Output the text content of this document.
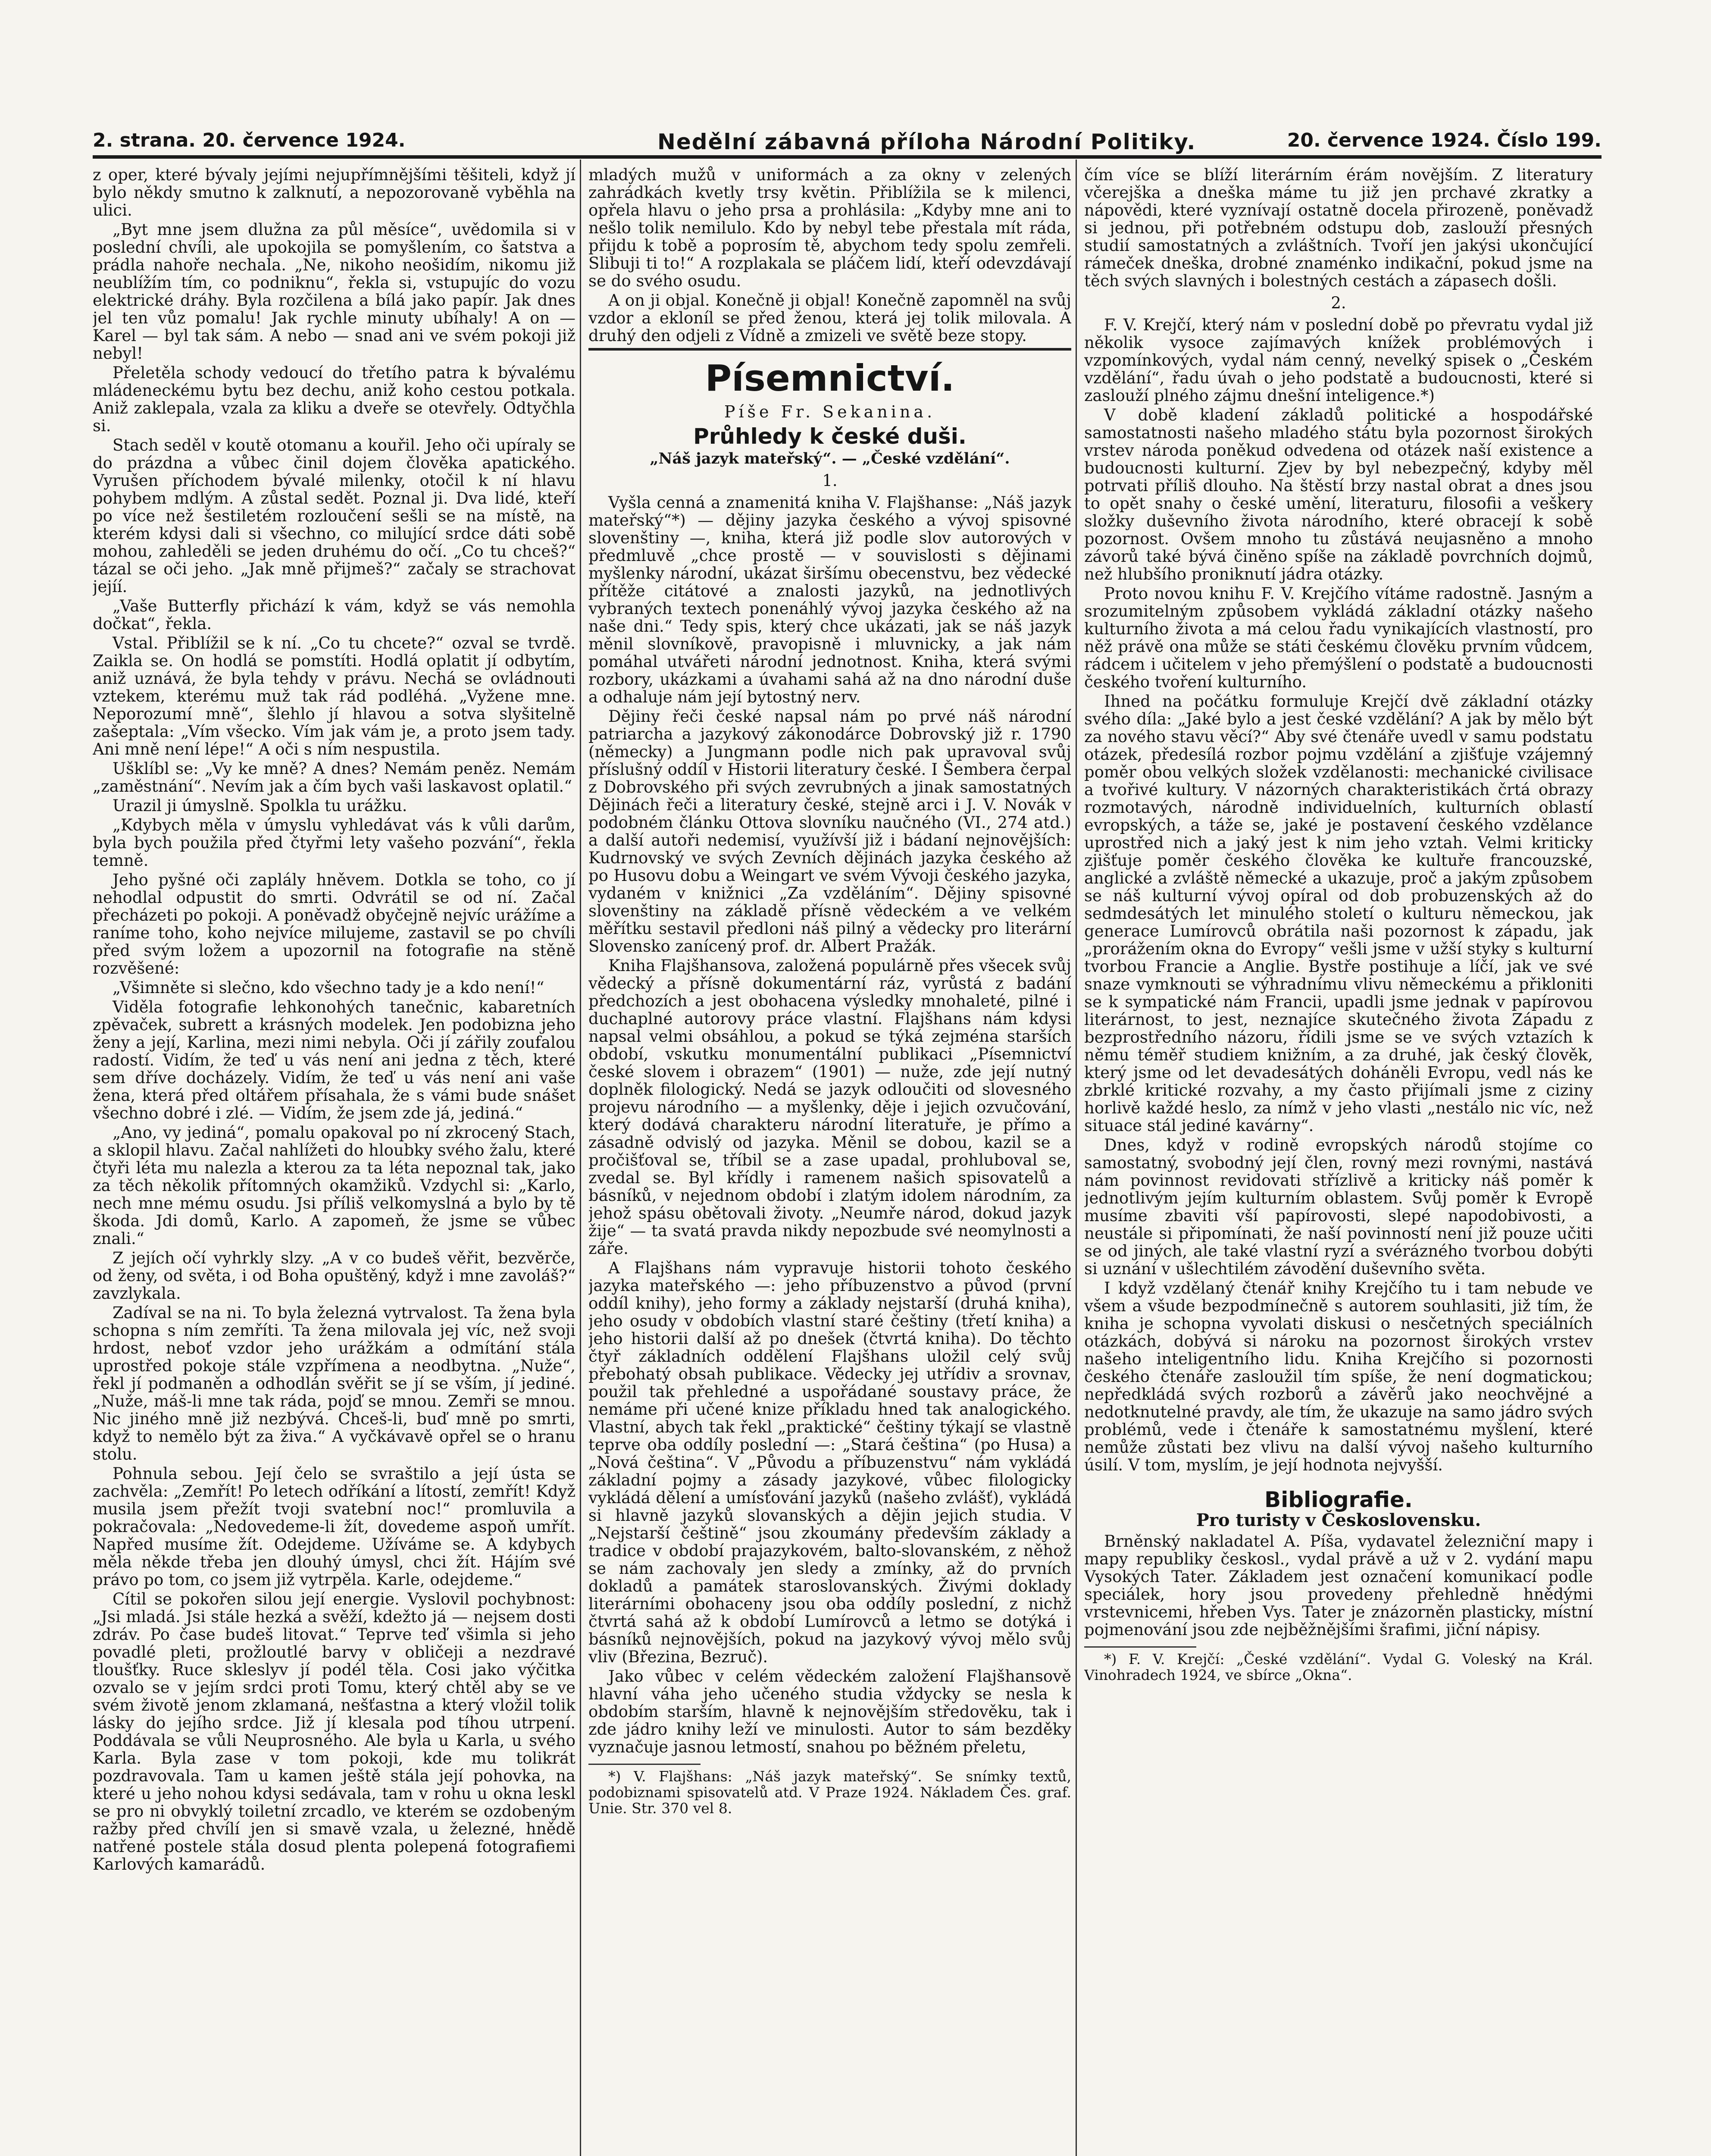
2. strana. 20. července 1924.	Nedělní zábavná příloha Národní Politiky.	20. července 1924. Číslo 199.

z oper, které bývaly jejími nejupřímnějšími těšiteli, když jí bylo někdy smutno k zalknutí, a nepozorovaně vyběhla na ulici.

„Byt mne jsem dlužna za půl měsíce“, uvědomila si v poslední chvíli, ale upokojila se pomyšlením, co šatstva a prádla nahoře nechala. „Ne, nikoho neošidím, nikomu již neublížím tím, co podniknu“, řekla si, vstupujíc do vozu elektrické dráhy. Byla rozčilena a bílá jako papír. Jak dnes jel ten vůz pomalu! Jak rychle minuty ubíhaly! A on — Karel — byl tak sám. A nebo — snad ani ve svém pokoji již nebyl!

Přeletěla schody vedoucí do třetího patra k bývalému mládeneckému bytu bez dechu, aniž koho cestou potkala. Aniž zaklepala, vzala za kliku a dveře se otevřely. Odtyčhla si.

Stach seděl v koutě otomanu a kouřil. Jeho oči upíraly se do prázdna a vůbec činil dojem člověka apatického. Vyrušen příchodem bývalé milenky, otočil k ní hlavu pohybem mdlým. A zůstal sedět. Poznal ji. Dva lidé, kteří po více než šestiletém rozloučení sešli se na místě, na kterém kdysi dali si všechno, co milující srdce dáti sobě mohou, zahleděli se jeden druhému do očí. „Co tu chceš?“ tázal se oči jeho. „Jak mně přijmeš?“ začaly se strachovat jejíí.

„Vaše Butterfly přichází k vám, když se vás nemohla dočkat“, řekla.

Vstal. Přiblížil se k ní. „Co tu chcete?“ ozval se tvrdě. Zaikla se. On hodlá se pomstíti. Hodlá oplatit jí odbytím, aniž uznává, že byla tehdy v právu. Nechá se ovládnouti vztekem, kterému muž tak rád podléhá. „Vyžene mne. Neporozumí mně“, šlehlo jí hlavou a sotva slyšitelně zašeptala: „Vím všecko. Vím jak vám je, a proto jsem tady. Ani mně není lépe!“ A oči s ním nespustila.

Ušklíbl se: „Vy ke mně? A dnes? Nemám peněz. Nemám „zaměstnání“. Nevím jak a čím bych vaši laskavost oplatil.“

Urazil ji úmyslně. Spolkla tu urážku.

„Kdybych měla v úmyslu vyhledávat vás k vůli darům, byla bych použila před čtyřmi lety vašeho pozvání“, řekla temně.

Jeho pyšné oči zaplály hněvem. Dotkla se toho, co jí nehodlal odpustit do smrti. Odvrátil se od ní. Začal přecházeti po pokoji. A poněvadž obyčejně nejvíc urážíme a raníme toho, koho nejvíce milujeme, zastavil se po chvíli před svým ložem a upozornil na fotografie na stěně rozvěšené:

„Všimněte si slečno, kdo všechno tady je a kdo není!“

Viděla fotografie lehkonohých tanečnic, kabaretních zpěvaček, subrett a krásných modelek. Jen podobizna jeho ženy a její, Karlina, mezi nimi nebyla. Oči jí zářily zoufalou radostí. Vidím, že teď u vás není ani jedna z těch, které sem dříve docházely. Vidím, že teď u vás není ani vaše žena, která před oltářem přísahala, že s vámi bude snášet všechno dobré i zlé. — Vidím, že jsem zde já, jediná.“

„Ano, vy jediná“, pomalu opakoval po ní zkrocený Stach, a sklopil hlavu. Začal nahlížeti do hloubky svého žalu, které čtyři léta mu nalezla a kterou za ta léta nepoznal tak, jako za těch několik přítomných okamžiků. Vzdychl si: „Karlo, nech mne mému osudu. Jsi příliš velkomyslná a bylo by tě škoda. Jdi domů, Karlo. A zapomeň, že jsme se vůbec znali.“

Z jejích očí vyhrkly slzy. „A v co budeš věřit, bezvěrče, od ženy, od světa, i od Boha opuštěný, když i mne zavoláš?“ zavzlykala.

Zadíval se na ni. To byla železná vytrvalost. Ta žena byla schopna s ním zemříti. Ta žena milovala jej víc, než svoji hrdost, neboť vzdor jeho urážkám a odmítání stála uprostřed pokoje stále vzpřímena a neodbytna. „Nuže“, řekl jí podmaněn a odhodlán svěřit se jí se vším, jí jediné. „Nuže, máš-li mne tak ráda, pojď se mnou. Zemři se mnou. Nic jiného mně již nezbývá. Chceš-li, buď mně po smrti, když to nemělo být za živa.“ A vyčkávavě opřel se o hranu stolu.

Pohnula sebou. Její čelo se svraštilo a její ústa se zachvěla: „Zemřít! Po letech odříkání a lítostí, zemřít! Když musila jsem přežít tvoji svatební noc!“ promluvila a pokračovala: „Nedovedeme-li žít, dovedeme aspoň umřít. Napřed musíme žít. Odejdeme. Užíváme se. A kdybych měla někde třeba jen dlouhý úmysl, chci žít. Hájím své právo po tom, co jsem již vytrpěla. Karle, odejdeme.“

Cítil se pokořen silou její energie. Vyslovil pochybnost: „Jsi mladá. Jsi stále hezká a svěží, kdežto já — nejsem dosti zdráv. Po čase budeš litovat.“ Teprve teď všimla si jeho povadlé pleti, prožloutlé barvy v obličeji a nezdravé tloušťky. Ruce skleslyv jí podél těla. Cosi jako výčitka ozvalo se v jejím srdci proti Tomu, který chtěl aby se ve svém životě jenom zklamaná, nešťastna a který vložil tolik lásky do jejího srdce. Již jí klesala pod tíhou utrpení. Poddávala se vůli Neuprosného. Ale byla u Karla, u svého Karla. Byla zase v tom pokoji, kde mu tolikrát pozdravovala. Tam u kamen ještě stála její pohovka, na které u jeho nohou kdysi sedávala, tam v rohu u okna leskl se pro ni obvyklý toiletní zrcadlo, ve kterém se ozdobeným ražby před chvílí jen si smavě vzala, u železné, hnědě natřené postele stála dosud plenta polepená fotografiemi Karlových kamarádů.

mladých mužů v uniformách a za okny v zelených zahrádkách kvetly trsy květin. Přiblížila se k milenci, opřela hlavu o jeho prsa a prohlásila: „Kdyby mne ani to nešlo tolik nemilulo. Kdo by nebyl tebe přestala mít ráda, přijdu k tobě a poprosím tě, abychom tedy spolu zemřeli. Slibuji ti to!“ A rozplakala se pláčem lidí, kteří odevzdávají se do svého osudu.

A on ji objal. Konečně ji objal! Konečně zapomněl na svůj vzdor a ekloníl se před ženou, která jej tolik milovala. A druhý den odjeli z Vídně a zmizeli ve světě beze stopy.

Písemnictví.
Píše Fr. Sekanina.
Průhledy k české duši.
„Náš jazyk mateřský“. — „České vzdělání“.
1.

Vyšla cenná a znamenitá kniha V. Flajšhanse: „Náš jazyk mateřský“*) — dějiny jazyka českého a vývoj spisovné slovenštiny —, kniha, která již podle slov autorových v předmluvě „chce prostě — v souvislosti s dějinami myšlenky národní, ukázat širšímu obecenstvu, bez vědecké přítěže citátové a znalosti jazyků, na jednotlivých vybraných textech ponenáhlý vývoj jazyka českého až na naše dni.“ Tedy spis, který chce ukázati, jak se náš jazyk měnil slovníkově, pravopisně i mluvnicky, a jak nám pomáhal utvářeti národní jednotnost. Kniha, která svými rozbory, ukázkami a úvahami sahá až na dno národní duše a odhaluje nám její bytostný nerv.

Dějiny řeči české napsal nám po prvé náš národní patriarcha a jazykový zákonodárce Dobrovský již r. 1790 (německy) a Jungmann podle nich pak upravoval svůj příslušný oddíl v Historii literatury české. I Šembera čerpal z Dobrovského při svých zevrubných a jinak samostatných Dějinách řeči a literatury české, stejně arci i J. V. Novák v podobném článku Ottova slovníku naučného (VI., 274 atd.) a další autoři nedemisí, využívší již i bádaní nejnovějších: Kudrnovský ve svých Zevních dějinách jazyka českého až po Husovu dobu a Weingart ve svém Vývoji českého jazyka, vydaném v knižnici „Za vzděláním“. Dějiny spisovné slovenštiny na základě přísně vědeckém a ve velkém měřítku sestavil předloni náš pilný a vědecky pro literární Slovensko zanícený prof. dr. Albert Pražák.

Kniha Flajšhansova, založená populárně přes všecek svůj vědecký a přísně dokumentární ráz, vyrůstá z badání předchozích a jest obohacena výsledky mnohaleté, pilné i duchaplné autorovy práce vlastní. Flajšhans nám kdysi napsal velmi obsáhlou, a pokud se týká zejména starších období, vskutku monumentální publikaci „Písemnictví české slovem i obrazem“ (1901) — nuže, zde její nutný doplněk filologický. Nedá se jazyk odloučiti od slovesného projevu národního — a myšlenky, děje i jejich ozvučování, který dodává charakteru národní literatuře, je přímo a zásadně odvislý od jazyka. Měnil se dobou, kazil se a pročišťoval se, tříbil se a zase upadal, prohluboval se, zvedal se. Byl křídly i ramenem našich spisovatelů a básníků, v nejednom období i zlatým idolem národním, za jehož spásu obětovali životy. „Neumře národ, dokud jazyk žije“ — ta svatá pravda nikdy nepozbude své neomylnosti a záře.

A Flajšhans nám vypravuje historii tohoto českého jazyka mateřského —: jeho příbuzenstvo a původ (první oddíl knihy), jeho formy a základy nejstarší (druhá kniha), jeho osudy v obdobích vlastní staré češtiny (třetí kniha) a jeho historii další až po dnešek (čtvrtá kniha). Do těchto čtyř základních oddělení Flajšhans uložil celý svůj přebohatý obsah publikace. Vědecky jej utřídiv a srovnav, použil tak přehledné a uspořádané soustavy práce, že nemáme při učené knize příkladu hned tak analogického. Vlastní, abych tak řekl „praktické“ češtiny týkají se vlastně teprve oba oddíly poslední —: „Stará čeština“ (po Husa) a „Nová čeština“. V „Původu a příbuzenstvu“ nám vykládá základní pojmy a zásady jazykové, vůbec filologicky vykládá dělení a umísťování jazyků (našeho zvlášť), vykládá si hlavně jazyků slovanských a dějin jejich studia. V „Nejstarší češtině“ jsou zkoumány především základy a tradice v období prajazykovém, balto-slovanském, z něhož se nám zachovaly jen sledy a zmínky, až do prvních dokladů a památek staroslovanských. Živými doklady literárními obohaceny jsou oba oddíly poslední, z nichž čtvrtá sahá až k období Lumírovců a letmo se dotýká i básníků nejnovějších, pokud na jazykový vývoj mělo svůj vliv (Březina, Bezruč).

Jako vůbec v celém vědeckém založení Flajšhansově hlavní váha jeho učeného studia vždycky se nesla k obdobím starším, hlavně k nejnovějším středověku, tak i zde jádro knihy leží ve minulosti. Autor to sám bezděky vyznačuje jasnou letmostí, snahou po běžném přeletu,

*) V. Flajšhans: „Náš jazyk mateřský“. Se snímky textů, podobiznami spisovatelů atd. V Praze 1924. Nákladem Čes. graf. Unie. Str. 370 vel 8.

čím více se blíží literárním érám novějším. Z literatury včerejška a dneška máme tu již jen prchavé zkratky a nápovědi, které vyznívají ostatně docela přirozeně, poněvadž si jednou, při potřebném odstupu dob, zaslouží přesných studií samostatných a zvláštních. Tvoří jen jakýsi ukončující rámeček dneška, drobné znaménko indikační, pokud jsme na těch svých slavných i bolestných cestách a zápasech došli.

2.

F. V. Krejčí, který nám v poslední době po převratu vydal již několik vysoce zajímavých knížek problémových i vzpomínkových, vydal nám cenný, nevelký spisek o „Českém vzdělání“, řadu úvah o jeho podstatě a budoucnosti, které si zaslouží plného zájmu dnešní inteligence.*)

V době kladení základů politické a hospodářské samostatnosti našeho mladého státu byla pozornost širokých vrstev národa poněkud odvedena od otázek naší existence a budoucnosti kulturní. Zjev by byl nebezpečný, kdyby měl potrvati příliš dlouho. Na štěstí brzy nastal obrat a dnes jsou to opět snahy o české umění, literaturu, filosofii a veškery složky duševního života národního, které obracejí k sobě pozornost. Ovšem mnoho tu zůstává neujasněno a mnoho závorů také bývá činěno spíše na základě povrchních dojmů, než hlubšího proniknutí jádra otázky.

Proto novou knihu F. V. Krejčího vítáme radostně. Jasným a srozumitelným způsobem vykládá základní otázky našeho kulturního života a má celou řadu vynikajících vlastností, pro něž právě ona může se státi českému člověku prvním vůdcem, rádcem i učitelem v jeho přemýšlení o podstatě a budoucnosti českého tvoření kulturního.

Ihned na počátku formuluje Krejčí dvě základní otázky svého díla: „Jaké bylo a jest české vzdělání? A jak by mělo být za nového stavu věcí?“ Aby své čtenáře uvedl v samu podstatu otázek, předesílá rozbor pojmu vzdělání a zjišťuje vzájemný poměr obou velkých složek vzdělanosti: mechanické civilisace a tvořivé kultury. V názorných charakteristikách črtá obrazy rozmotavých, národně individuelních, kulturních oblastí evropských, a táže se, jaké je postavení českého vzdělance uprostřed nich a jaký jest k nim jeho vztah. Velmi kriticky zjišťuje poměr českého člověka ke kultuře francouzské, anglické a zvláště německé a ukazuje, proč a jakým způsobem se náš kulturní vývoj opíral od dob probuzenských až do sedmdesátých let minulého století o kulturu německou, jak generace Lumírovců obrátila naši pozornost k západu, jak „prorážením okna do Evropy“ vešli jsme v užší styky s kulturní tvorbou Francie a Anglie. Bystře postihuje a líčí, jak ve své snaze vymknouti se výhradnímu vlivu německému a přikloniti se k sympatické nám Francii, upadli jsme jednak v papírovou literárnost, to jest, neznajíce skutečného života Západu z bezprostředního názoru, řídili jsme se ve svých vztazích k němu téměř studiem knižním, a za druhé, jak český člověk, který jsme od let devadesátých doháněli Evropu, vedl nás ke zbrklé kritické rozvahy, a my často přijímali jsme z ciziny horlivě každé heslo, za nímž v jeho vlasti „nestálo nic víc, než situace stál jediné kavárny“.

Dnes, když v rodině evropských národů stojíme co samostatný, svobodný její člen, rovný mezi rovnými, nastává nám povinnost revidovati střízlivě a kriticky náš poměr k jednotlivým jejím kulturním oblastem. Svůj poměr k Evropě musíme zbaviti vší papírovosti, slepé napodobivosti, a neustále si připomínati, že naší povinností není již pouze učiti se od jiných, ale také vlastní ryzí a svérázného tvorbou dobýti si uznání v ušlechtilém závodění duševního světa.

I když vzdělaný čtenář knihy Krejčího tu i tam nebude ve všem a všude bezpodmínečně s autorem souhlasiti, již tím, že kniha je schopna vyvolati diskusi o nesčetných speciálních otázkách, dobývá si nároku na pozornost širokých vrstev našeho inteligentního lidu. Kniha Krejčího si pozornosti českého čtenáře zasloužil tím spíše, že není dogmatickou; nepředkládá svých rozborů a závěrů jako neochvějné a nedotknutelné pravdy, ale tím, že ukazuje na samo jádro svých problémů, vede i čtenáře k samostatnému myšlení, které nemůže zůstati bez vlivu na další vývoj našeho kulturního úsilí. V tom, myslím, je její hodnota nejvyšší.

Bibliografie.
Pro turisty v Československu.

Brněnský nakladatel A. Píša, vydavatel železniční mapy i mapy republiky českosl., vydal právě a už v 2. vydání mapu Vysokých Tater. Základem jest označení komunikací podle speciálek, hory jsou provedeny přehledně hnědými vrstevnicemi, hřeben Vys. Tater je znázorněn plasticky, místní pojmenování jsou zde nejběžnějšími šraﬁmi, jiční nápisy.

*) F. V. Krejčí: „České vzdělání“. Vydal G. Voleský na Král. Vinohradech 1924, ve sbírce „Okna“.
